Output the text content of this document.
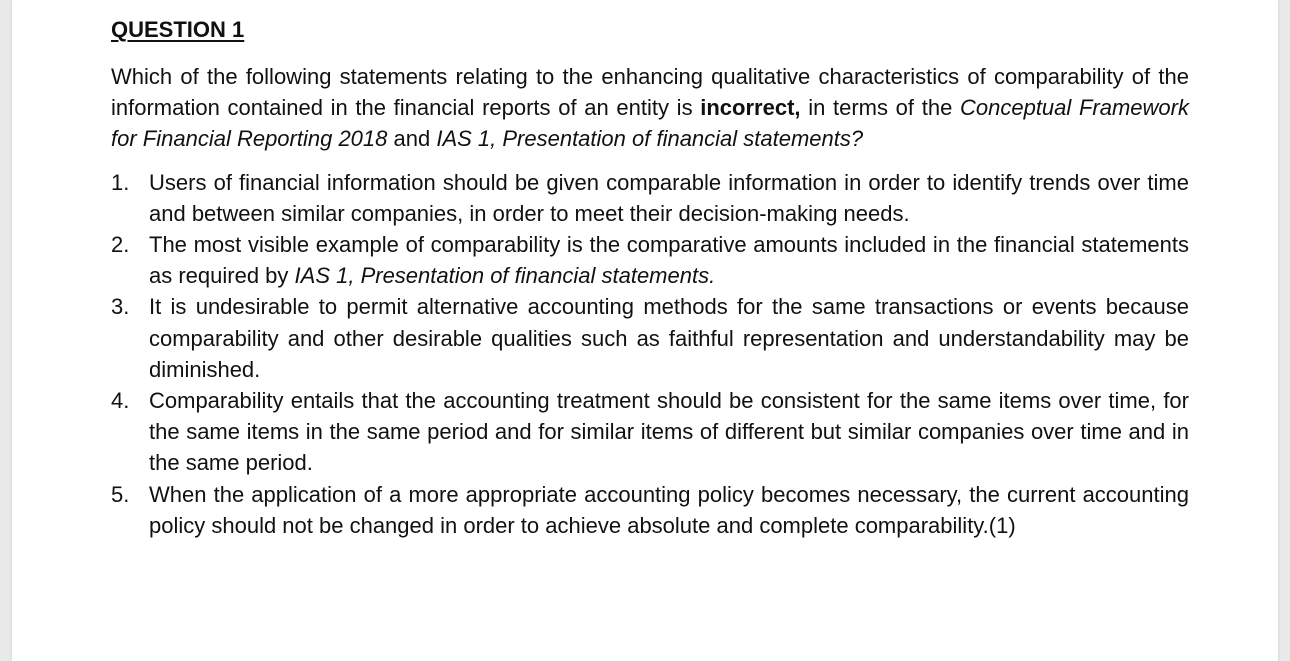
QUESTION 1

Which of the following statements relating to the enhancing qualitative characteristics of comparability of the information contained in the financial reports of an entity is incorrect, in terms of the Conceptual Framework for Financial Reporting 2018 and IAS 1, Presentation of financial statements?

1. Users of financial information should be given comparable information in order to identify trends over time and between similar companies, in order to meet their decision-making needs.
2. The most visible example of comparability is the comparative amounts included in the financial statements as required by IAS 1, Presentation of financial statements.
3. It is undesirable to permit alternative accounting methods for the same transactions or events because comparability and other desirable qualities such as faithful representation and understandability may be diminished.
4. Comparability entails that the accounting treatment should be consistent for the same items over time, for the same items in the same period and for similar items of different but similar companies over time and in the same period.
5. When the application of a more appropriate accounting policy becomes necessary, the current accounting policy should not be changed in order to achieve absolute and complete comparability.(1)
